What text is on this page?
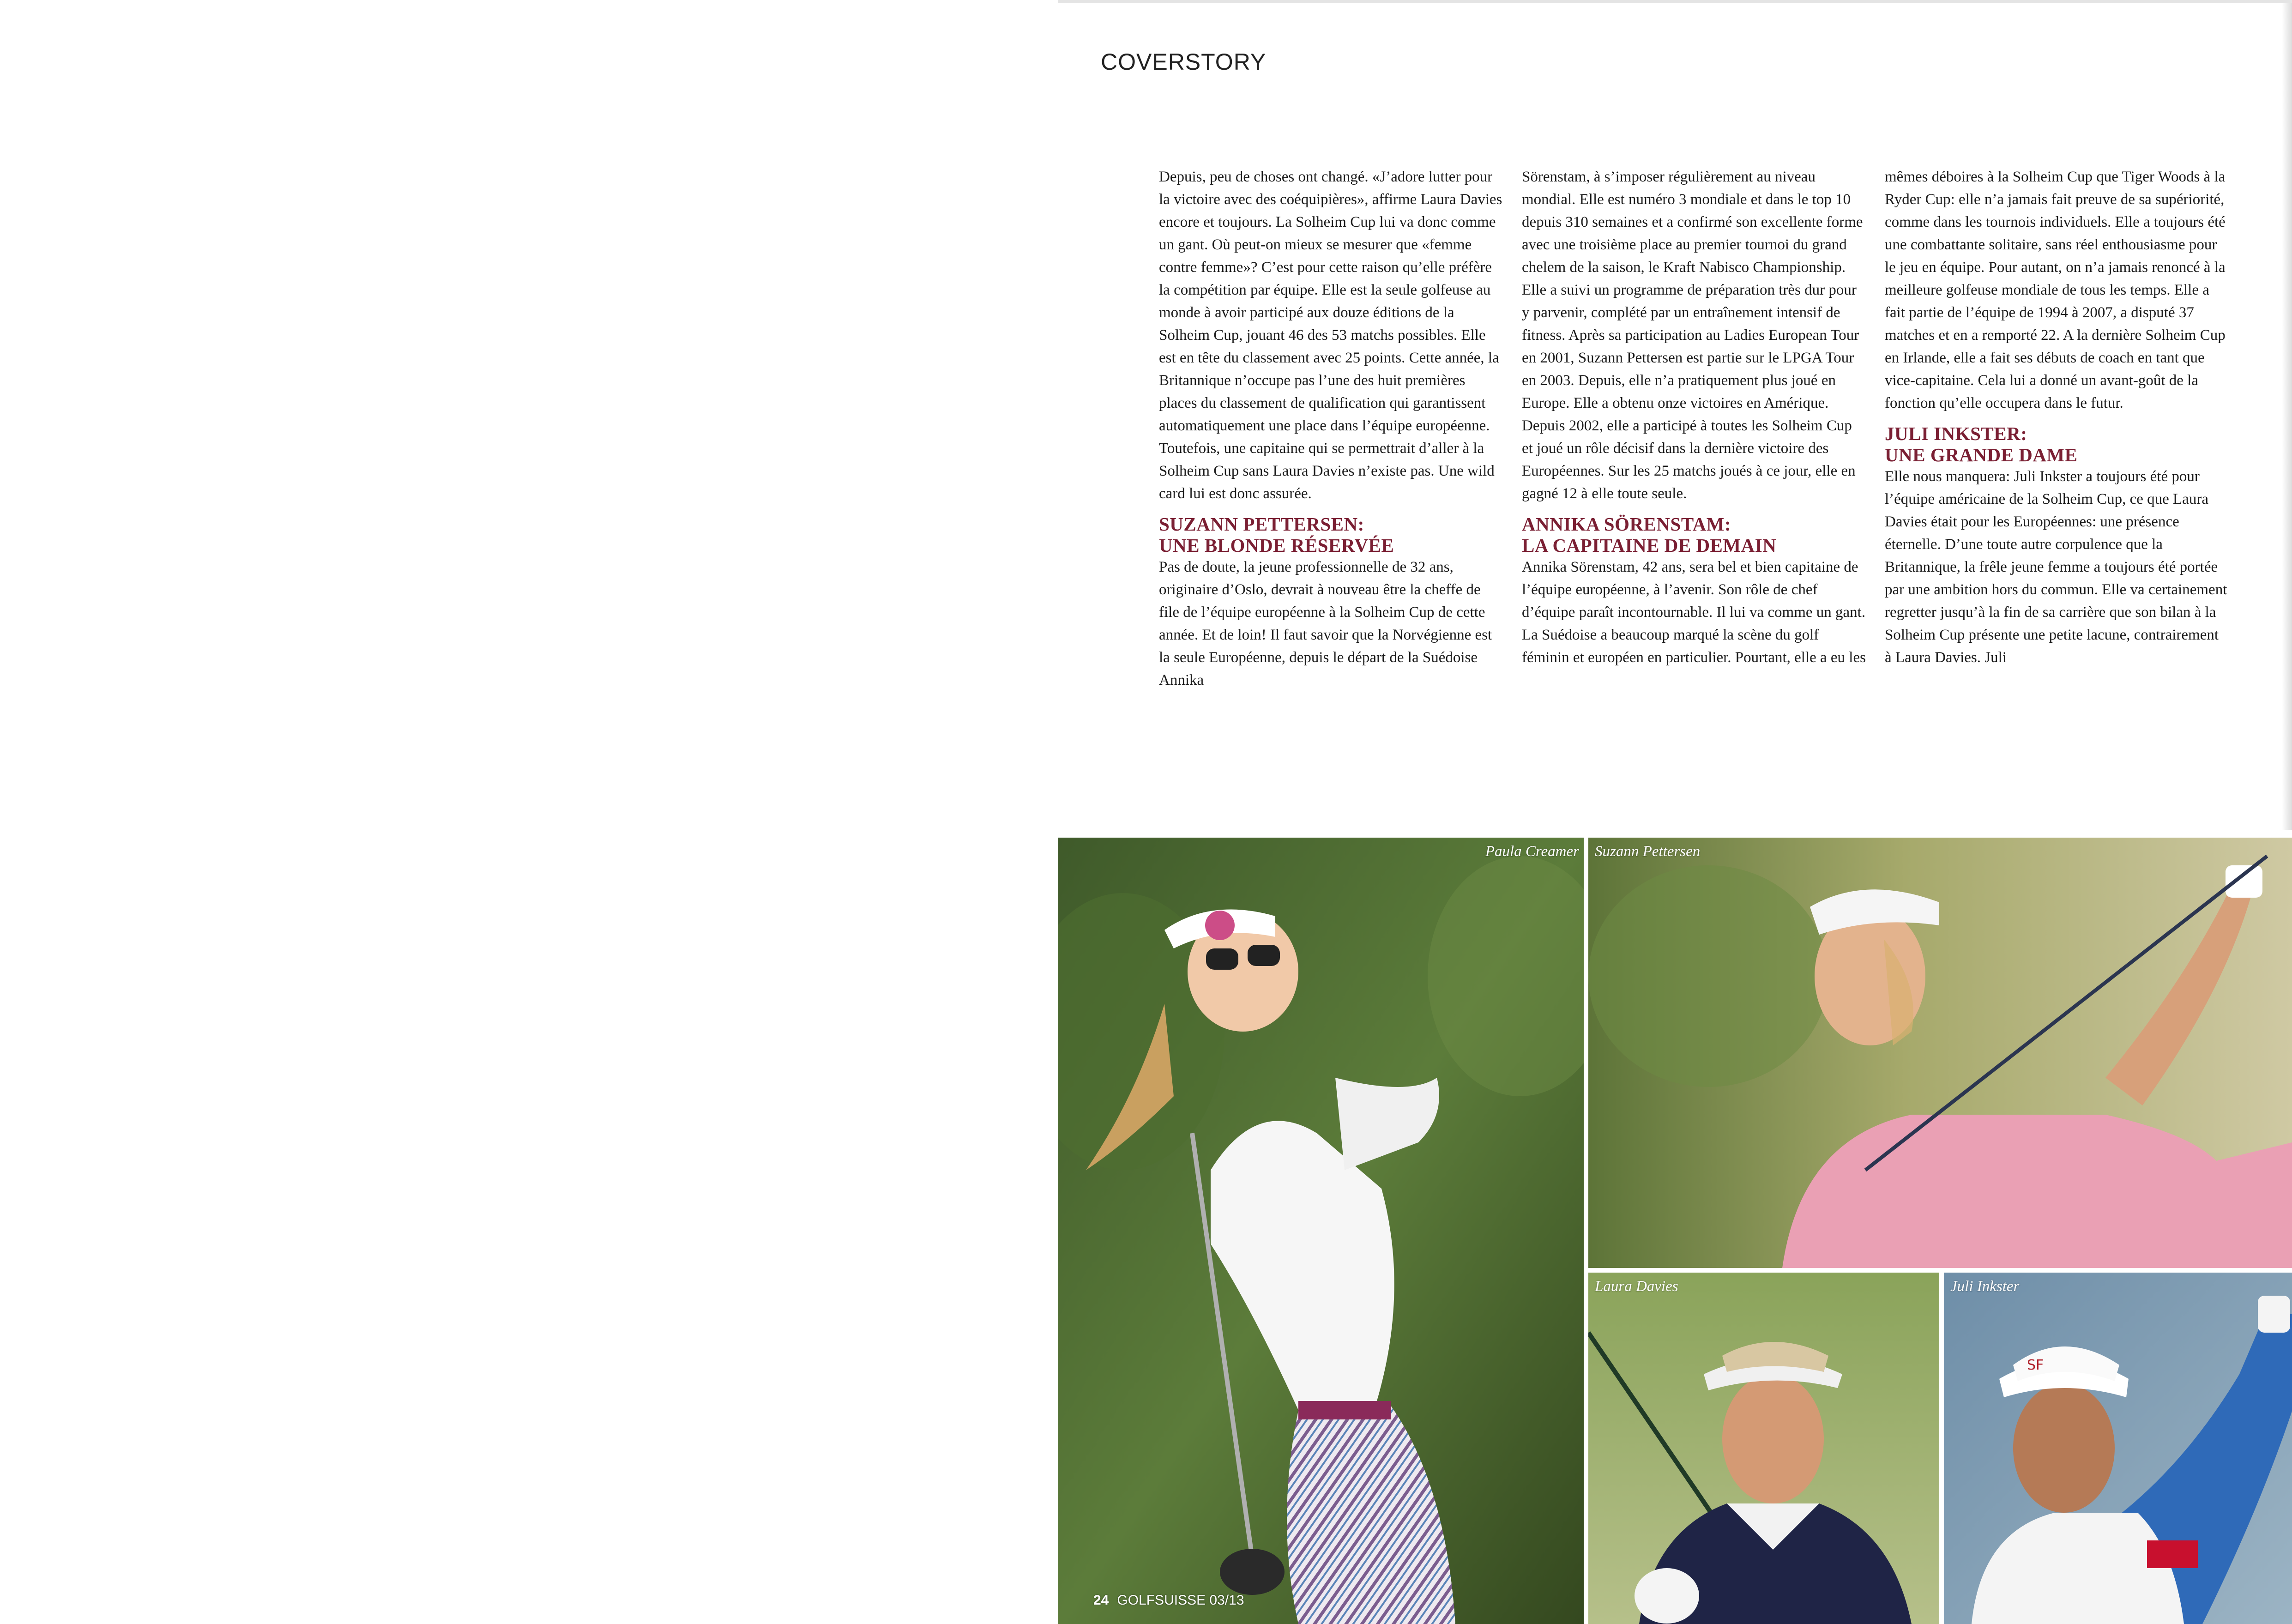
COVERSTORY

Depuis, peu de choses ont changé. «J’adore lutter pour la victoire avec des coéquipières», affirme Laura Davies encore et toujours. La Solheim Cup lui va donc comme un gant. Où peut-on mieux se mesurer que «femme contre femme»? C’est pour cette raison qu’elle préfère la compétition par équipe. Elle est la seule golfeuse au monde à avoir participé aux douze éditions de la Solheim Cup, jouant 46 des 53 matchs possibles. Elle est en tête du classement avec 25 points. Cette année, la Britannique n’occupe pas l’une des huit premières places du classement de qualification qui garantissent automatiquement une place dans l’équipe européenne. Toutefois, une capitaine qui se permettrait d’aller à la Solheim Cup sans Laura Davies n’existe pas. Une wild card lui est donc assurée.

SUZANN PETTERSEN:
UNE BLONDE RÉSERVÉE

Pas de doute, la jeune professionnelle de 32 ans, originaire d’Oslo, devrait à nouveau être la cheffe de file de l’équipe européenne à la Solheim Cup de cette année. Et de loin! Il faut savoir que la Norvégienne est la seule Européenne, depuis le départ de la Suédoise Annika

Sörenstam, à s’imposer régulièrement au niveau mondial. Elle est numéro 3 mondiale et dans le top 10 depuis 310 semaines et a confirmé son excellente forme avec une troisième place au premier tournoi du grand chelem de la saison, le Kraft Nabisco Championship. Elle a suivi un programme de préparation très dur pour y parvenir, complété par un entraînement intensif de fitness. Après sa participation au Ladies European Tour en 2001, Suzann Pettersen est partie sur le LPGA Tour en 2003. Depuis, elle n’a pratiquement plus joué en Europe. Elle a obtenu onze victoires en Amérique. Depuis 2002, elle a participé à toutes les Solheim Cup et joué un rôle décisif dans la dernière victoire des Européennes. Sur les 25 matchs joués à ce jour, elle en gagné 12 à elle toute seule.

ANNIKA SÖRENSTAM:
LA CAPITAINE DE DEMAIN

Annika Sörenstam, 42 ans, sera bel et bien capitaine de l’équipe européenne, à l’avenir. Son rôle de chef d’équipe paraît incontournable. Il lui va comme un gant. La Suédoise a beaucoup marqué la scène du golf féminin et européen en particulier. Pourtant, elle a eu les

mêmes déboires à la Solheim Cup que Tiger Woods à la Ryder Cup: elle n’a jamais fait preuve de sa supériorité, comme dans les tournois individuels. Elle a toujours été une combattante solitaire, sans réel enthousiasme pour le jeu en équipe. Pour autant, on n’a jamais renoncé à la meilleure golfeuse mondiale de tous les temps. Elle a fait partie de l’équipe de 1994 à 2007, a disputé 37 matches et en a remporté 22. A la dernière Solheim Cup en Irlande, elle a fait ses débuts de coach en tant que vice-capitaine. Cela lui a donné un avant-goût de la fonction qu’elle occupera dans le futur.

JULI INKSTER:
UNE GRANDE DAME

Elle nous manquera: Juli Inkster a toujours été pour l’équipe américaine de la Solheim Cup, ce que Laura Davies était pour les Européennes: une présence éternelle. D’une toute autre corpulence que la Britannique, la frêle jeune femme a toujours été portée par une ambition hors du commun. Elle va certainement regretter jusqu’à la fin de sa carrière que son bilan à la Solheim Cup présente une petite lacune, contrairement à Laura Davies. Juli

Paula Creamer Suzann Pettersen
Laura Davies
SF
Juli Inkster
24 GOLFSUISSE 03/13
